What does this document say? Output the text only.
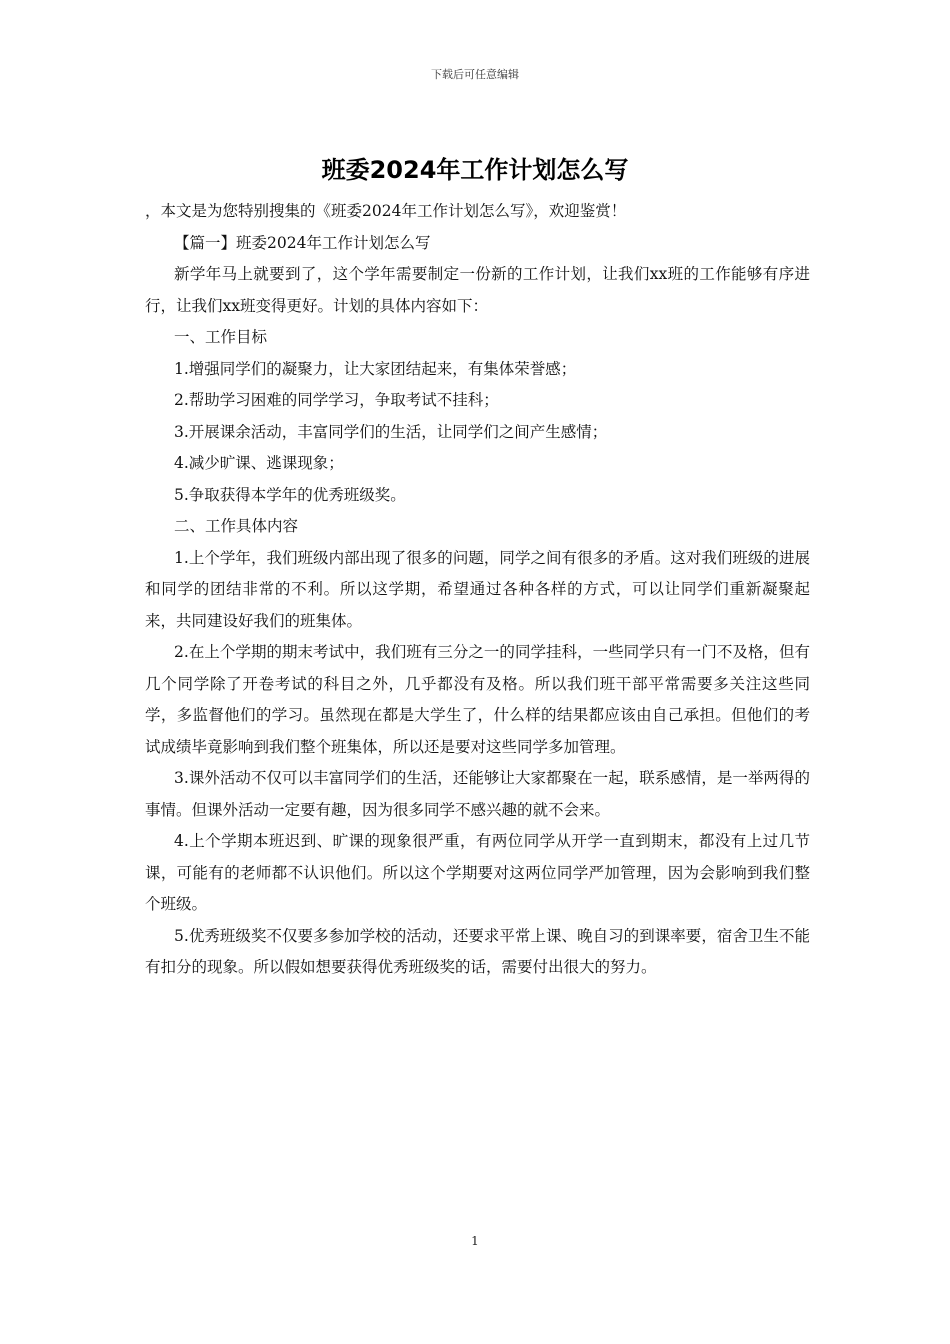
下载后可任意编辑
班委2024年工作计划怎么写

，本文是为您特别搜集的《班委2024年工作计划怎么写》，欢迎鉴赏！

【篇一】班委2024年工作计划怎么写

新学年马上就要到了，这个学年需要制定一份新的工作计划，让我们xx班的工作能够有序进行，让我们xx班变得更好。计划的具体内容如下：

一、工作目标

1.增强同学们的凝聚力，让大家团结起来，有集体荣誉感；

2.帮助学习困难的同学学习，争取考试不挂科；

3.开展课余活动，丰富同学们的生活，让同学们之间产生感情；

4.减少旷课、逃课现象；

5.争取获得本学年的优秀班级奖。

二、工作具体内容

1.上个学年，我们班级内部出现了很多的问题，同学之间有很多的矛盾。这对我们班级的进展和同学的团结非常的不利。所以这学期，希望通过各种各样的方式，可以让同学们重新凝聚起来，共同建设好我们的班集体。

2.在上个学期的期末考试中，我们班有三分之一的同学挂科，一些同学只有一门不及格，但有几个同学除了开卷考试的科目之外，几乎都没有及格。所以我们班干部平常需要多关注这些同学，多监督他们的学习。虽然现在都是大学生了，什么样的结果都应该由自己承担。但他们的考试成绩毕竟影响到我们整个班集体，所以还是要对这些同学多加管理。

3.课外活动不仅可以丰富同学们的生活，还能够让大家都聚在一起，联系感情，是一举两得的事情。但课外活动一定要有趣，因为很多同学不感兴趣的就不会来。

4.上个学期本班迟到、旷课的现象很严重，有两位同学从开学一直到期末，都没有上过几节课，可能有的老师都不认识他们。所以这个学期要对这两位同学严加管理，因为会影响到我们整个班级。

5.优秀班级奖不仅要多参加学校的活动，还要求平常上课、晚自习的到课率要，宿舍卫生不能有扣分的现象。所以假如想要获得优秀班级奖的话，需要付出很大的努力。

1
